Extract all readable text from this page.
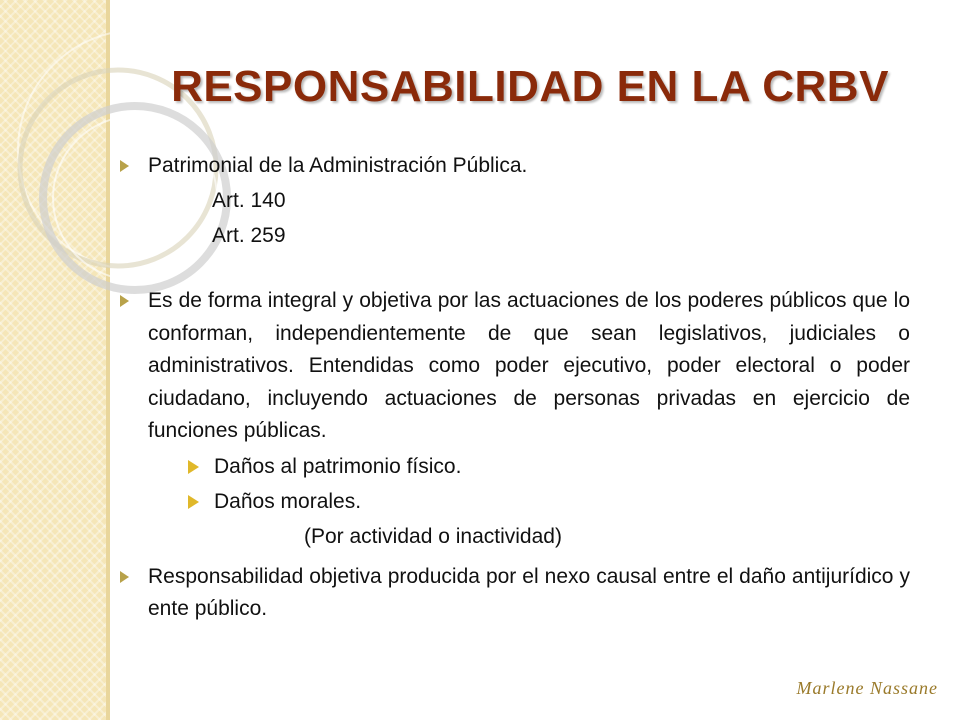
RESPONSABILIDAD EN LA CRBV
Patrimonial de la Administración Pública.
Art. 140
Art. 259
Es de forma integral y objetiva por las actuaciones de los poderes públicos que lo conforman, independientemente de que sean legislativos, judiciales o administrativos. Entendidas como poder ejecutivo, poder electoral o poder ciudadano, incluyendo actuaciones de personas privadas en ejercicio de funciones públicas.
Daños al patrimonio físico.
Daños morales.
(Por actividad o inactividad)
Responsabilidad objetiva producida por el nexo causal entre el daño antijurídico y ente público.
Marlene Nassane
